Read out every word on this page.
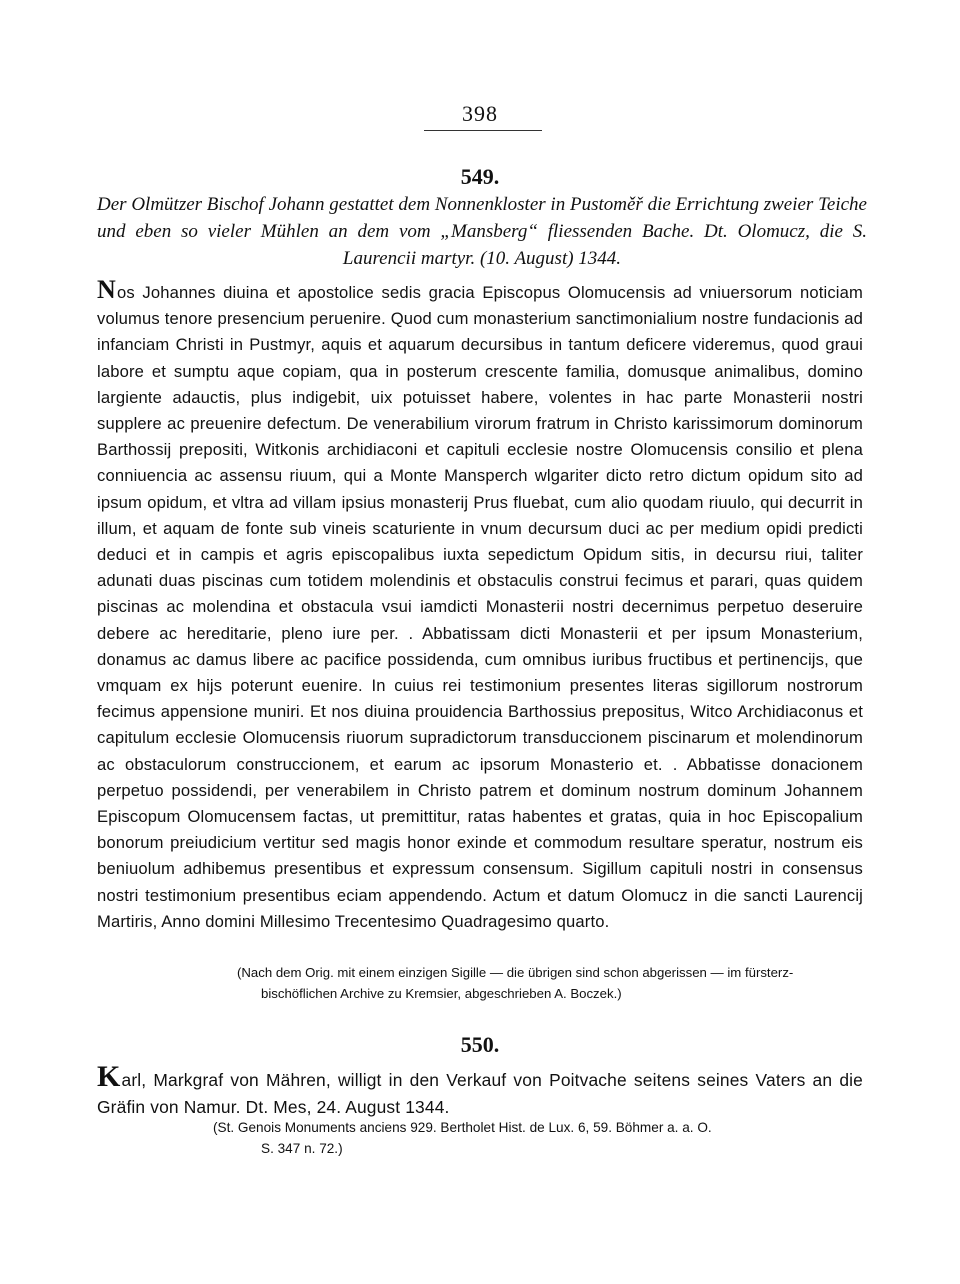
398
549.
Der Olmützer Bischof Johann gestattet dem Nonnenkloster in Pustoměř die Errichtung zweier Teiche und eben so vieler Mühlen an dem vom „Mansberg“ fliessenden Bache. Dt. Olomucz, die S. Laurencii martyr. (10. August) 1344.
Nos Johannes diuina et apostolice sedis gracia Episcopus Olomucensis ad vniuersorum noticiam volumus tenore presencium peruenire. Quod cum monasterium sanctimonialium nostre fundacionis ad infanciam Christi in Pustmyr, aquis et aquarum decursibus in tantum deficere videremus, quod graui labore et sumptu aque copiam, qua in posterum crescente familia, domusque animalibus, domino largiente adauctis, plus indigebit, uix potuisset habere, volentes in hac parte Monasterii nostri supplere ac preuenire defectum. De venerabilium virorum fratrum in Christo karissimorum dominorum Barthossij prepositi, Witkonis archidiaconi et capituli ecclesie nostre Olomucensis consilio et plena conniuencia ac assensu riuum, qui a Monte Mansperch wlgariter dicto retro dictum opidum sito ad ipsum opidum, et vltra ad villam ipsius monasterij Prus fluebat, cum alio quodam riuulo, qui decurrit in illum, et aquam de fonte sub vineis scaturiente in vnum decursum duci ac per medium opidi predicti deduci et in campis et agris episcopalibus iuxta sepedictum Opidum sitis, in decursu riui, taliter adunati duas piscinas cum totidem molendinis et obstaculis construi fecimus et parari, quas quidem piscinas ac molendina et obstacula vsui iamdicti Monasterii nostri decernimus perpetuo deseruire debere ac hereditarie, pleno iure per. . Abbatissam dicti Monasterii et per ipsum Monasterium, donamus ac damus libere ac pacifice possidenda, cum omnibus iuribus fructibus et pertinencijs, que vmquam ex hijs poterunt euenire. In cuius rei testimonium presentes literas sigillorum nostrorum fecimus appensione muniri. Et nos diuina prouidencia Barthossius prepositus, Witco Archidiaconus et capitulum ecclesie Olomucensis riuorum supradictorum transduccionem piscinarum et molendinorum ac obstaculorum construccionem, et earum ac ipsorum Monasterio et. . Abbatisse donacionem perpetuo possidendi, per venerabilem in Christo patrem et dominum nostrum dominum Johannem Episcopum Olomucensem factas, ut premittitur, ratas habentes et gratas, quia in hoc Episcopalium bonorum preiudicium vertitur sed magis honor exinde et commodum resultare speratur, nostrum eis beniuolum adhibemus presentibus et expressum consensum. Sigillum capituli nostri in consensus nostri testimonium presentibus eciam appendendo. Actum et datum Olomucz in die sancti Laurencij Martiris, Anno domini Millesimo Trecentesimo Quadragesimo quarto.
(Nach dem Orig. mit einem einzigen Sigille — die übrigen sind schon abgerissen — im fürsterz-
bischöflichen Archive zu Kremsier, abgeschrieben A. Boczek.)
550.
Karl, Markgraf von Mähren, willigt in den Verkauf von Poitvache seitens seines Vaters an die Gräfin von Namur. Dt. Mes, 24. August 1344.
(St. Genois Monuments anciens 929. Bertholet Hist. de Lux. 6, 59. Böhmer a. a. O.
S. 347 n. 72.)
